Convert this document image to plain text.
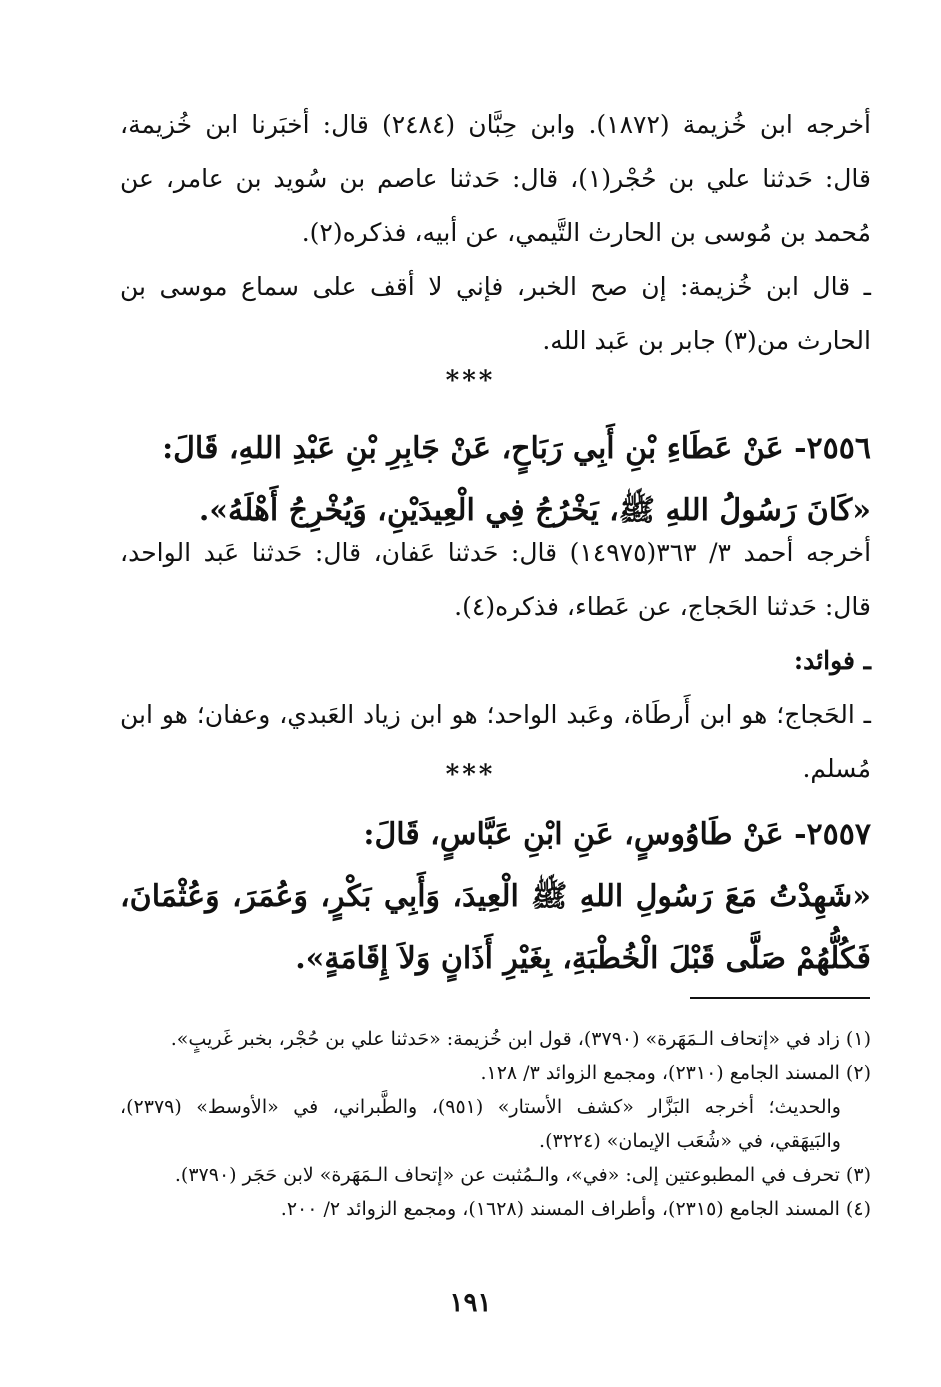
أخرجه ابن خُزيمة (١٨٧٢). وابن حِبَّان (٢٤٨٤) قال: أخبَرنا ابن خُزيمة، قال: حَدثنا علي بن حُجْر(١)، قال: حَدثنا عاصم بن سُويد بن عامر، عن مُحمد بن مُوسى بن الحارث التَّيمي، عن أبيه، فذكره(٢).

ـ قال ابن خُزيمة: إن صح الخبر، فإني لا أقف على سماع موسى بن الحارث من(٣) جابر بن عَبد الله.

***

٢٥٥٦- عَنْ عَطَاءِ بْنِ أَبِي رَبَاحٍ، عَنْ جَابِرِ بْنِ عَبْدِ اللهِ، قَالَ:

«كَانَ رَسُولُ اللهِ ﷺ، يَخْرُجُ فِي الْعِيدَيْنِ، وَيُخْرِجُ أَهْلَهُ».

أخرجه أحمد ٣/ ٣٦٣(١٤٩٧٥) قال: حَدثنا عَفان، قال: حَدثنا عَبد الواحد، قال: حَدثنا الحَجاج، عن عَطاء، فذكره(٤).

ـ فوائد:

ـ الحَجاج؛ هو ابن أَرطَاة، وعَبد الواحد؛ هو ابن زياد العَبدي، وعفان؛ هو ابن مُسلم.

***

٢٥٥٧- عَنْ طَاوُوسٍ، عَنِ ابْنِ عَبَّاسٍ، قَالَ:

«شَهِدْتُ مَعَ رَسُولِ اللهِ ﷺ الْعِيدَ، وَأَبِي بَكْرٍ، وَعُمَرَ، وَعُثْمَانَ، فَكُلُّهُمْ صَلَّى قَبْلَ الْخُطْبَةِ، بِغَيْرِ أَذَانٍ وَلاَ إِقَامَةٍ».

(١) زاد في «إتحاف الـمَهَرة» (٣٧٩٠)، قول ابن خُزيمة: «حَدثنا علي بن حُجْر، بخبر غَريبٍ».

(٢) المسند الجامع (٢٣١٠)، ومجمع الزوائد ٣/ ١٢٨.

والحديث؛ أخرجه البَزَّار «كشف الأستار» (٩٥١)، والطَّبراني، في «الأوسط» (٢٣٧٩)، والبَيهَقي، في «شُعَب الإيمان» (٣٢٢٤).

(٣) تحرف في المطبوعتين إلى: «في»، والـمُثبت عن «إتحاف الـمَهَرة» لابن حَجَر (٣٧٩٠).

(٤) المسند الجامع (٢٣١٥)، وأطراف المسند (١٦٢٨)، ومجمع الزوائد ٢/ ٢٠٠.

١٩١
